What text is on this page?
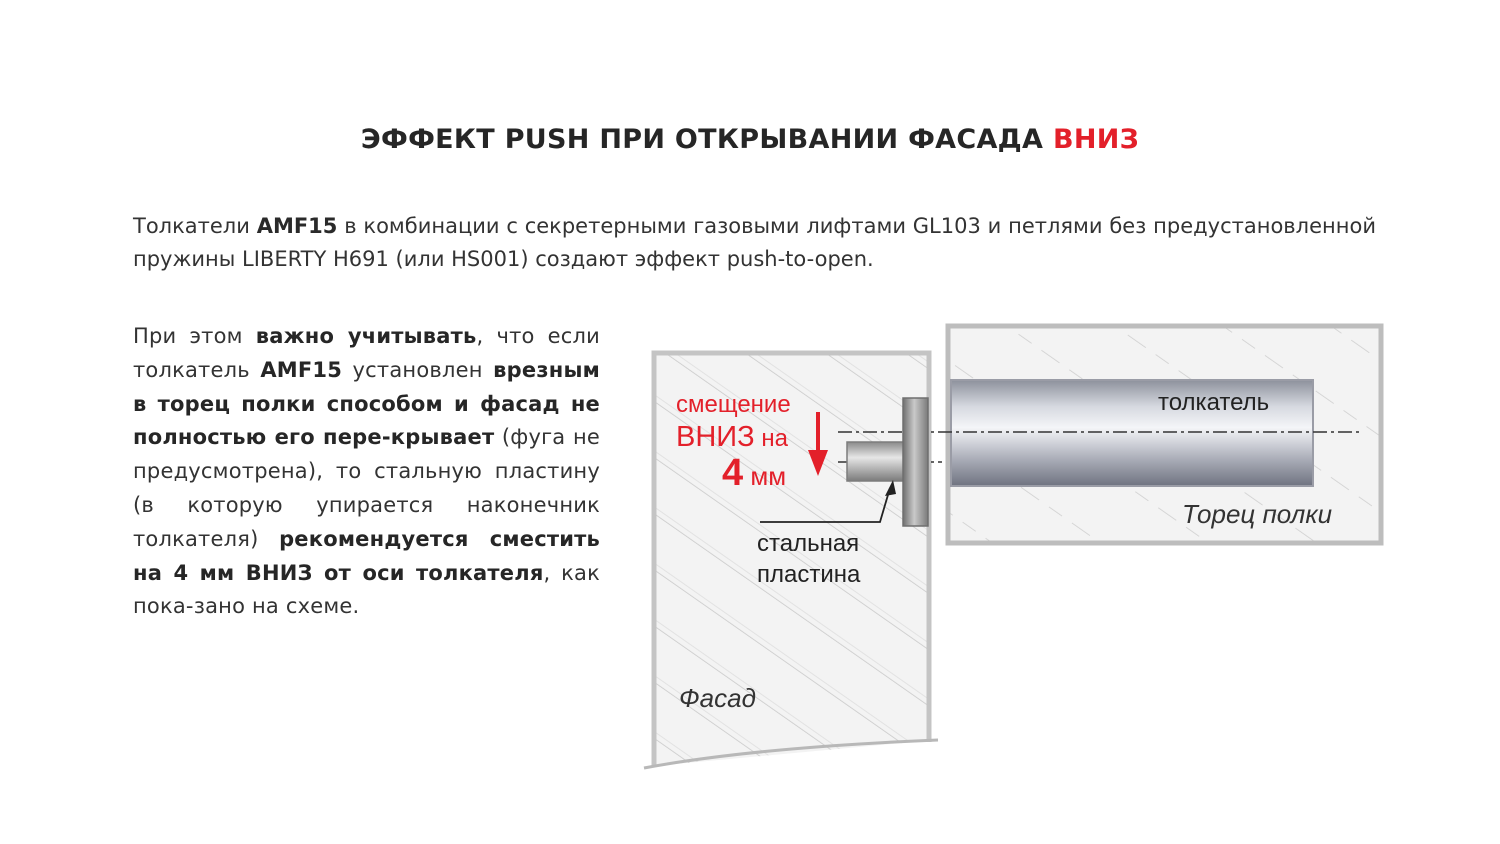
ЭФФЕКТ PUSH ПРИ ОТКРЫВАНИИ ФАСАДА ВНИЗ
Толкатели AMF15 в комбинации с секретерными газовыми лифтами GL103 и петлями без предустановленной пружины LIBERTY H691 (или HS001) создают эффект push-to-open.
При этом важно учитывать, что если толкатель AMF15 установлен врезным в торец полки способом и фасад не полностью его пере-крывает (фуга не предусмотрена), то стальную пластину (в которую упирается наконечник толкателя) рекомендуется сместить на 4 мм ВНИЗ от оси толкателя, как пока-зано на схеме.
смещение
ВНИЗ на
4 мм
толкатель
Торец полки
стальная
пластина
Фасад
